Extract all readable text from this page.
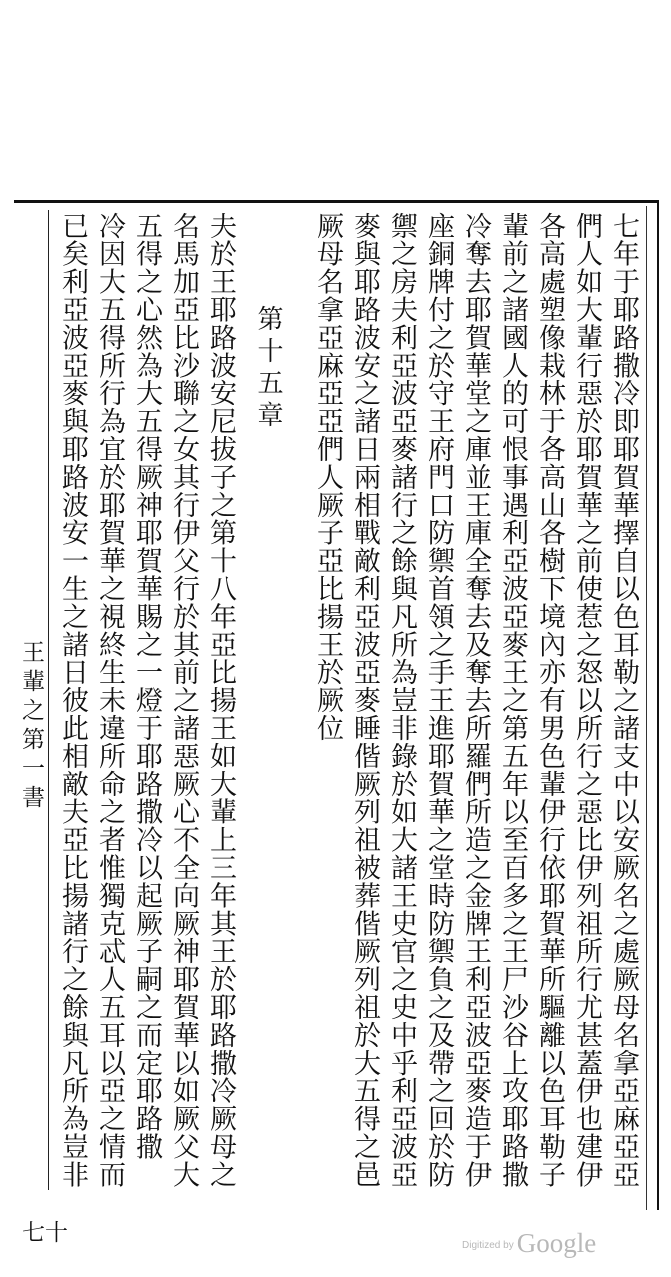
王輩之第一書
十七
七年于耶路撒冷即耶賀華擇自以色耳勒之諸支中以安厥名之處厥母名拿亞麻亞亞
們人如大輩行惡於耶賀華之前使惹之怒以所行之惡比伊列祖所行尤甚蓋伊也建伊
各高處塑像栽林于各高山各樹下境內亦有男色輩伊行依耶賀華所驅離以色耳勒子
輩前之諸國人的可恨事遇利亞波亞麥王之第五年以至百多之王尸沙谷上攻耶路撒
冷奪去耶賀華堂之庫並王庫全奪去及奪去所羅們所造之金牌王利亞波亞麥造于伊
座銅牌付之於守王府門口防禦首領之手王進耶賀華之堂時防禦負之及帶之回於防
禦之房夫利亞波亞麥諸行之餘與凡所為豈非錄於如大諸王史官之史中乎利亞波亞
麥與耶路波安之諸日兩相戰敵利亞波亞麥睡偕厥列祖被葬偕厥列祖於大五得之邑
厥母名拿亞麻亞亞們人厥子亞比揚王於厥位
第十五章
夫於王耶路波安尼拔子之第十八年亞比揚王如大輩上三年其王於耶路撒冷厥母之
名馬加亞比沙聯之女其行伊父行於其前之諸惡厥心不全向厥神耶賀華以如厥父大
五得之心然為大五得厥神耶賀華賜之一燈于耶路撒冷以起厥子嗣之而定耶路撒
冷因大五得所行為宜於耶賀華之視終生未違所命之者惟獨克忒人五耳以亞之情而
已矣利亞波亞麥與耶路波安一生之諸日彼此相敵夫亞比揚諸行之餘與凡所為豈非
$^{Digitized by}$ Google
